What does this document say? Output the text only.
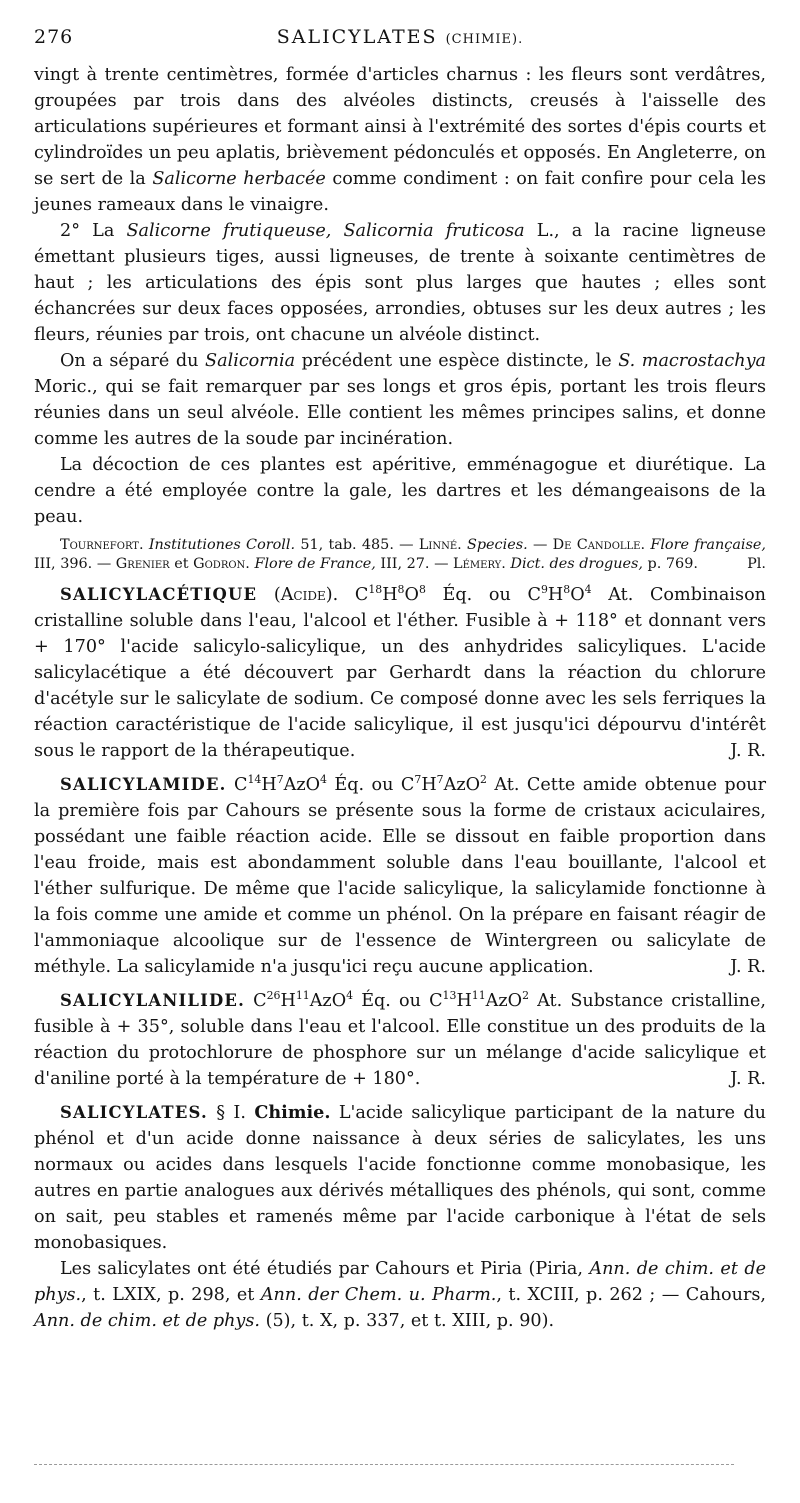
276	SALICYLATES (CHIMIE).

vingt à trente centimètres, formée d'articles charnus : les fleurs sont verdâtres, groupées par trois dans des alvéoles distincts, creusés à l'aisselle des articulations supérieures et formant ainsi à l'extrémité des sortes d'épis courts et cylindroïdes un peu aplatis, brièvement pédonculés et opposés. En Angleterre, on se sert de la Salicorne herbacée comme condiment : on fait confire pour cela les jeunes rameaux dans le vinaigre.

2° La Salicorne frutiqueuse, Salicornia fruticosa L., a la racine ligneuse émettant plusieurs tiges, aussi ligneuses, de trente à soixante centimètres de haut ; les articulations des épis sont plus larges que hautes ; elles sont échancrées sur deux faces opposées, arrondies, obtuses sur les deux autres ; les fleurs, réunies par trois, ont chacune un alvéole distinct.

On a séparé du Salicornia précédent une espèce distincte, le S. macrostachya Moric., qui se fait remarquer par ses longs et gros épis, portant les trois fleurs réunies dans un seul alvéole. Elle contient les mêmes principes salins, et donne comme les autres de la soude par incinération.

La décoction de ces plantes est apéritive, emménagogue et diurétique. La cendre a été employée contre la gale, les dartres et les démangeaisons de la peau.

Tournefort. Institutiones Coroll. 51, tab. 485. — Linné. Species. — De Candolle. Flore française, III, 396. — Grenier et Godron. Flore de France, III, 27. — Lémery. Dict. des drogues, p. 769.	Pl.

SALICYLACÉTIQUE (Acide). $C^{18}H^8O^8$ Éq. ou $C^9H^8O^4$ At. Combinaison cristalline soluble dans l'eau, l'alcool et l'éther. Fusible à + 118° et donnant vers + 170° l'acide salicylo-salicylique, un des anhydrides salicyliques. L'acide salicylacétique a été découvert par Gerhardt dans la réaction du chlorure d'acétyle sur le salicylate de sodium. Ce composé donne avec les sels ferriques la réaction caractéristique de l'acide salicylique, il est jusqu'ici dépourvu d'intérêt sous le rapport de la thérapeutique.	J. R.

SALICYLAMIDE. $C^{14}H^7AzO^4$ Éq. ou $C^7H^7AzO^2$ At. Cette amide obtenue pour la première fois par Cahours se présente sous la forme de cristaux aciculaires, possédant une faible réaction acide. Elle se dissout en faible proportion dans l'eau froide, mais est abondamment soluble dans l'eau bouillante, l'alcool et l'éther sulfurique. De même que l'acide salicylique, la salicylamide fonctionne à la fois comme une amide et comme un phénol. On la prépare en faisant réagir de l'ammoniaque alcoolique sur de l'essence de Wintergreen ou salicylate de méthyle. La salicylamide n'a jusqu'ici reçu aucune application.	J. R.

SALICYLANILIDE. $C^{26}H^{11}AzO^4$ Éq. ou $C^{13}H^{11}AzO^2$ At. Substance cristalline, fusible à + 35°, soluble dans l'eau et l'alcool. Elle constitue un des produits de la réaction du protochlorure de phosphore sur un mélange d'acide salicylique et d'aniline porté à la température de + 180°.	J. R.

SALICYLATES. § I. Chimie. L'acide salicylique participant de la nature du phénol et d'un acide donne naissance à deux séries de salicylates, les uns normaux ou acides dans lesquels l'acide fonctionne comme monobasique, les autres en partie analogues aux dérivés métalliques des phénols, qui sont, comme on sait, peu stables et ramenés même par l'acide carbonique à l'état de sels monobasiques.

Les salicylates ont été étudiés par Cahours et Piria (Piria, Ann. de chim. et de phys., t. LXIX, p. 298, et Ann. der Chem. u. Pharm., t. XCIII, p. 262 ; — Cahours, Ann. de chim. et de phys. (5), t. X, p. 337, et t. XIII, p. 90).
